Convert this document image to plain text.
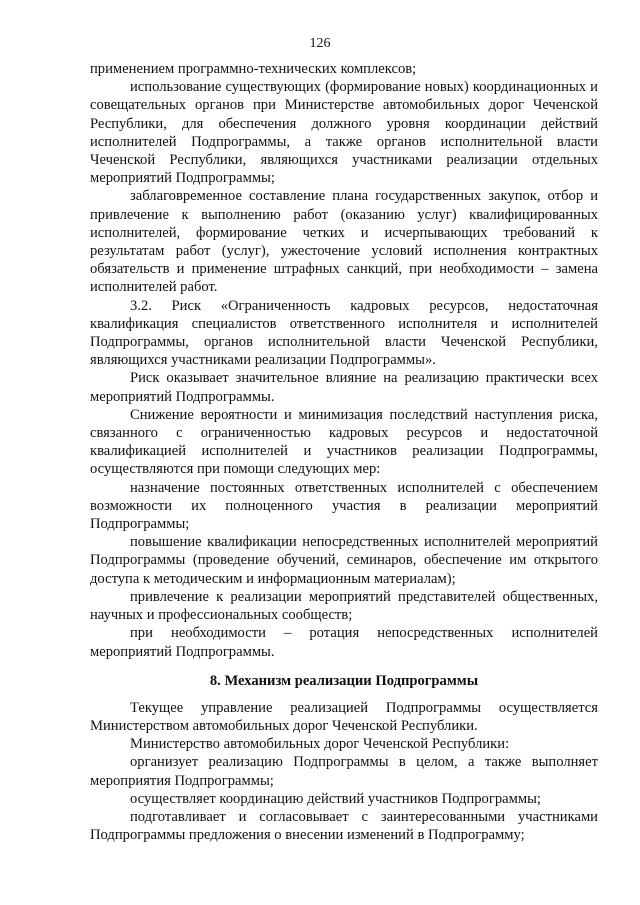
126

применением программно-технических комплексов;

использование существующих (формирование новых) координационных и совещательных органов при Министерстве автомобильных дорог Чеченской Республики, для обеспечения должного уровня координации действий исполнителей Подпрограммы, а также органов исполнительной власти Чеченской Республики, являющихся участниками реализации отдельных мероприятий Подпрограммы;

заблаговременное составление плана государственных закупок, отбор и привлечение к выполнению работ (оказанию услуг) квалифицированных исполнителей, формирование четких и исчерпывающих требований к результатам работ (услуг), ужесточение условий исполнения контрактных обязательств и применение штрафных санкций, при необходимости – замена исполнителей работ.

3.2. Риск «Ограниченность кадровых ресурсов, недостаточная квалификация специалистов ответственного исполнителя и исполнителей Подпрограммы, органов исполнительной власти Чеченской Республики, являющихся участниками реализации Подпрограммы».

Риск оказывает значительное влияние на реализацию практически всех мероприятий Подпрограммы.

Снижение вероятности и минимизация последствий наступления риска, связанного с ограниченностью кадровых ресурсов и недостаточной квалификацией исполнителей и участников реализации Подпрограммы, осуществляются при помощи следующих мер:

назначение постоянных ответственных исполнителей с обеспечением возможности их полноценного участия в реализации мероприятий Подпрограммы;

повышение квалификации непосредственных исполнителей мероприятий Подпрограммы (проведение обучений, семинаров, обеспечение им открытого доступа к методическим и информационным материалам);

привлечение к реализации мероприятий представителей общественных, научных и профессиональных сообществ;

при необходимости – ротация непосредственных исполнителей мероприятий Подпрограммы.

8. Механизм реализации Подпрограммы

Текущее управление реализацией Подпрограммы осуществляется Министерством автомобильных дорог Чеченской Республики.

Министерство автомобильных дорог Чеченской Республики:

организует реализацию Подпрограммы в целом, а также выполняет мероприятия Подпрограммы;

осуществляет координацию действий участников Подпрограммы;

подготавливает и согласовывает с заинтересованными участниками Подпрограммы предложения о внесении изменений в Подпрограмму;
